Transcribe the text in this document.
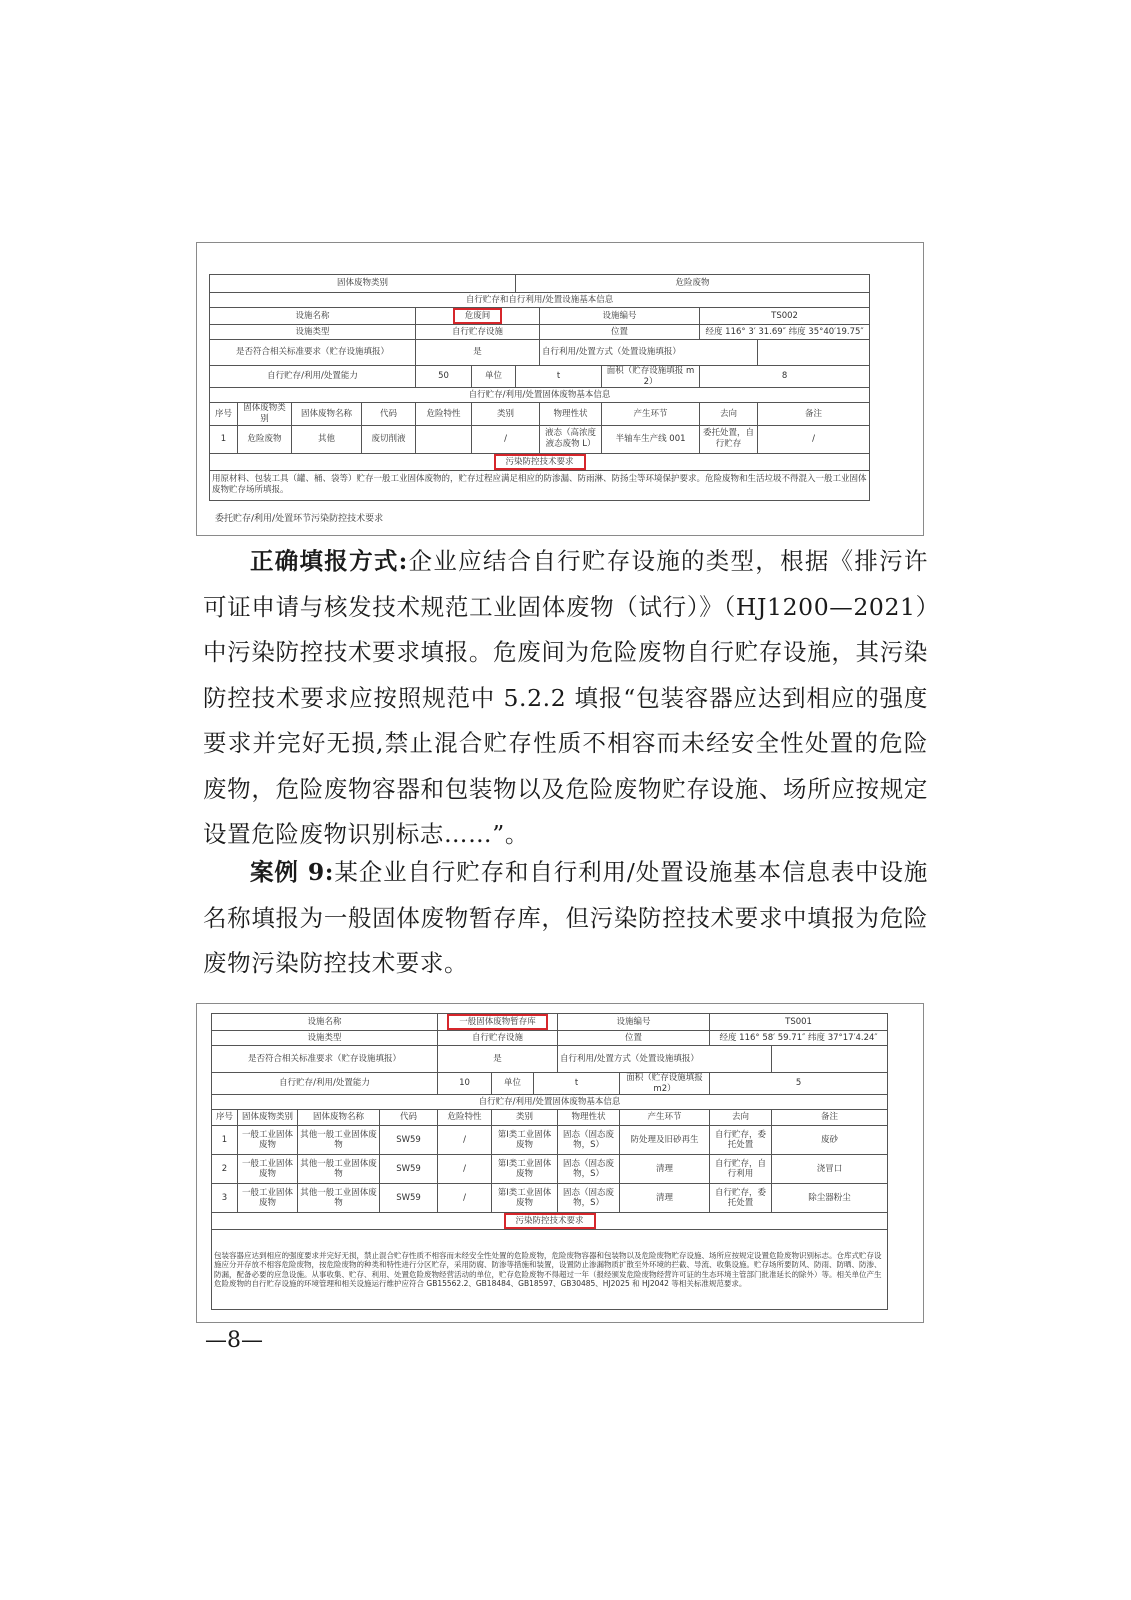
固体废物类别						危险废物				
自行贮存和自行利用/处置设施基本信息										
设施名称				危废间			设施编号		TS002	
设施类型				自行贮存设施			位置		经度 116° 3′ 31.69″ 纬度 35°40′19.75″	
是否符合相关标准要求（贮存设施填报）				是			自行利用/处置方式（处置设施填报）			
自行贮存/利用/处置能力				50	单位	t		面积（贮存设施填报 m2）	8	
自行贮存/利用/处置固体废物基本信息										
序号	固体废物类别	固体废物名称	代码	危险特性	类别		物理性状	产生环节	去向	备注
1	危险废物	其他	废切削液		/		液态（高浓度液态废物 L）	半轴车生产线 001	委托处置，自行贮存	/
污染防控技术要求										
用原材料、包装工具（罐、桶、袋等）贮存一般工业固体废物的，贮存过程应满足相应的防渗漏、防雨淋、防扬尘等环境保护要求。危险废物和生活垃圾不得混入一般工业固体废物贮存场所填报。										
委托贮存/利用/处置环节污染防控技术要求

正确填报方式:企业应结合自行贮存设施的类型，根据《排污许可证申请与核发技术规范工业固体废物（试行）》（HJ1200—2021）中污染防控技术要求填报。危废间为危险废物自行贮存设施，其污染防控技术要求应按照规范中 5.2.2 填报“包装容器应达到相应的强度要求并完好无损,禁止混合贮存性质不相容而未经安全性处置的危险废物，危险废物容器和包装物以及危险废物贮存设施、场所应按规定设置危险废物识别标志……”。

案例 9:某企业自行贮存和自行利用/处置设施基本信息表中设施名称填报为一般固体废物暂存库，但污染防控技术要求中填报为危险废物污染防控技术要求。

设施名称				一般固体废物暂存库			设施编号		TS001	
设施类型				自行贮存设施			位置		经度 116° 58′ 59.71″ 纬度 37°17′4.24″	
是否符合相关标准要求（贮存设施填报）				是			自行利用/处置方式（处置设施填报）			
自行贮存/利用/处置能力				10	单位	t		面积（贮存设施填报 m2）	5	
自行贮存/利用/处置固体废物基本信息										
序号	固体废物类别	固体废物名称	代码	危险特性	类别		物理性状	产生环节	去向	备注
1	一般工业固体废物	其他一般工业固体废物	SW59	/	第Ⅰ类工业固体废物		固态（固态废物，S）	防处理及旧砂再生	自行贮存，委托处置	废砂
2	一般工业固体废物	其他一般工业固体废物	SW59	/	第Ⅰ类工业固体废物		固态（固态废物，S）	清理	自行贮存，自行利用	浇冒口
3	一般工业固体废物	其他一般工业固体废物	SW59	/	第Ⅰ类工业固体废物		固态（固态废物，S）	清理	自行贮存，委托处置	除尘器粉尘
污染防控技术要求										
包装容器应达到相应的强度要求并完好无损，禁止混合贮存性质不相容而未经安全性处置的危险废物，危险废物容器和包装物以及危险废物贮存设施、场所应按规定设置危险废物识别标志。仓库式贮存设施应分开存放不相容危险废物，按危险废物的种类和特性进行分区贮存，采用防腐、防渗等措施和装置，设置防止渗漏物质扩散至外环境的拦截、导流、收集设施。贮存场所要防风、防雨、防晒、防渗、防漏，配备必要的应急设施。从事收集、贮存、利用、处置危险废物经营活动的单位，贮存危险废物不得超过一年（报经颁发危险废物经营许可证的生态环境主管部门批准延长的除外）等。相关单位产生危险废物的自行贮存设施的环境管理和相关设施运行维护应符合 GB15562.2、GB18484、GB18597、GB30485、HJ2025 和 HJ2042 等相关标准规范要求。										
—8—
